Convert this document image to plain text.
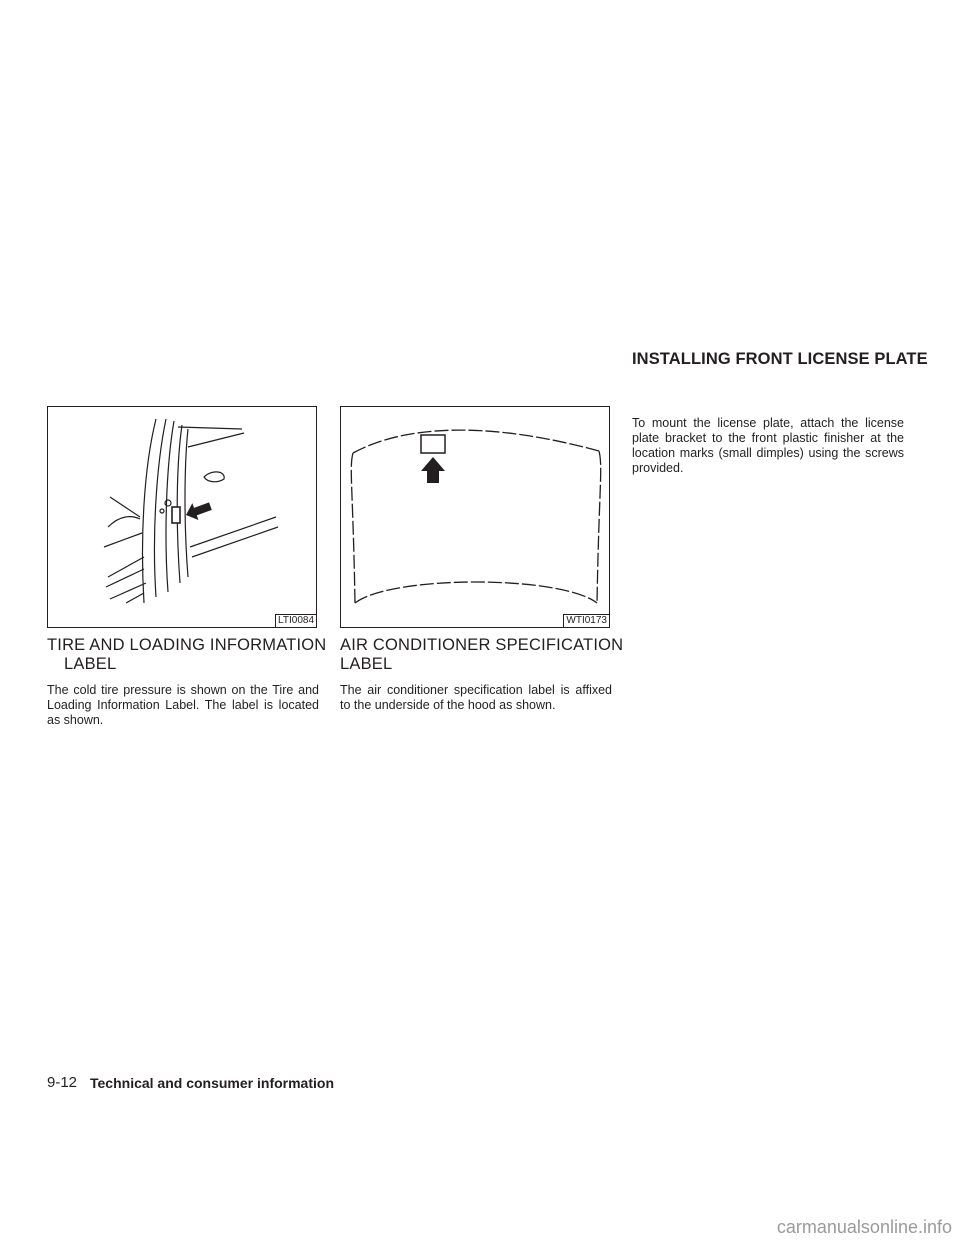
INSTALLING FRONT LICENSE PLATE
LTI0084	WTI0173
TIRE AND LOADING INFORMATION
LABEL

The cold tire pressure is shown on the Tire and Loading Information Label. The label is located as shown.

AIR CONDITIONER SPECIFICATION
LABEL

The air conditioner specification label is affixed to the underside of the hood as shown.

To mount the license plate, attach the license plate bracket to the front plastic finisher at the location marks (small dimples) using the screws provided.

9-12 Technical and consumer information
carmanualsonline.info
